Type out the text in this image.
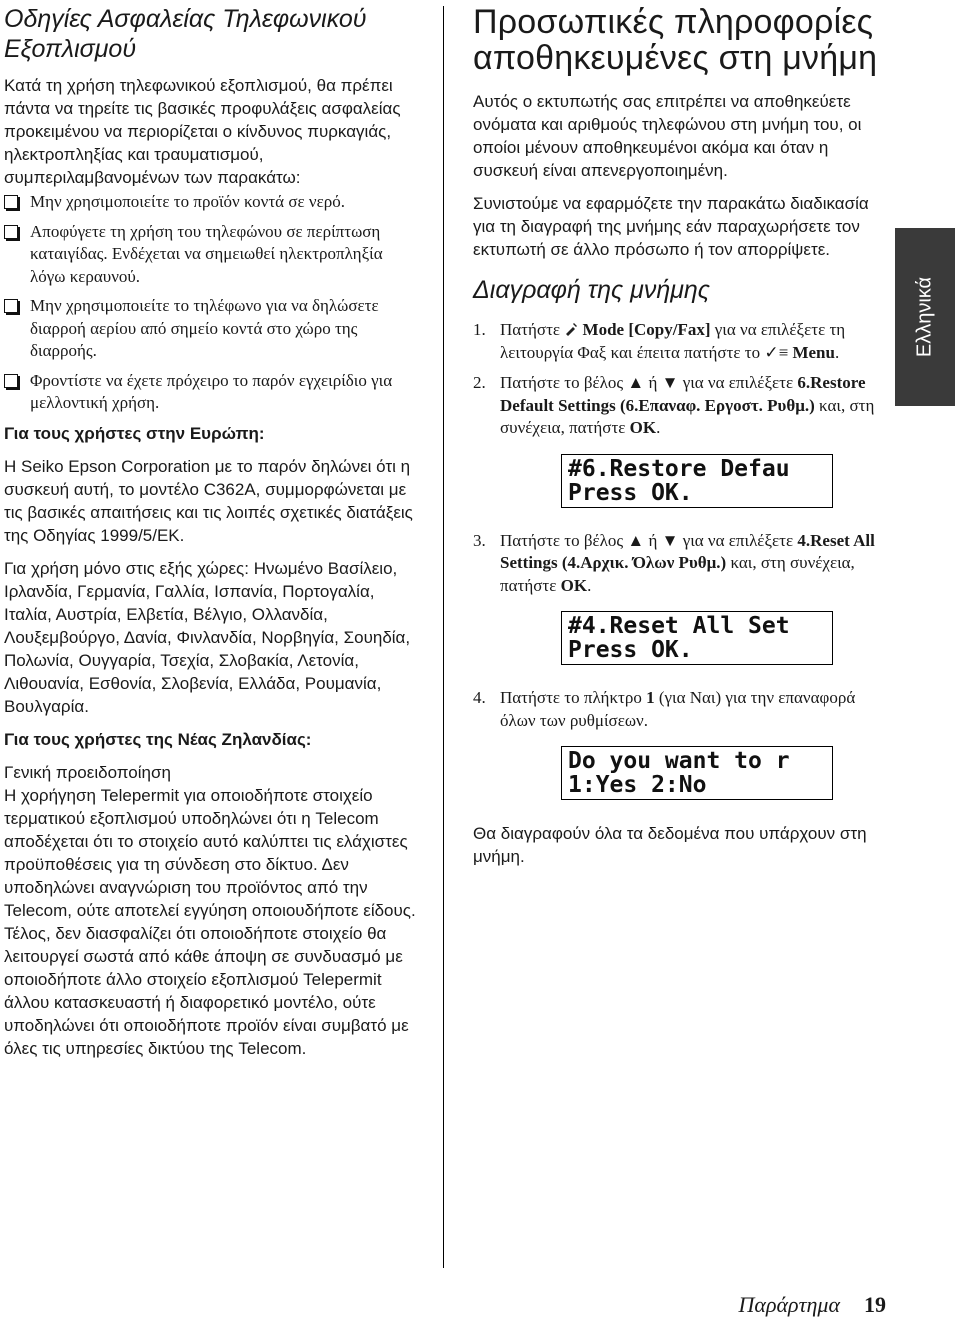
Οδηγίες Ασφαλείας Τηλεφωνικού Εξοπλισμού

Κατά τη χρήση τηλεφωνικού εξοπλισμού, θα πρέπει πάντα να τηρείτε τις βασικές προφυλάξεις ασφαλείας προκειμένου να περιορίζεται ο κίνδυνος πυρκαγιάς, ηλεκτροπληξίας και τραυματισμού, συμπεριλαμβανομένων των παρακάτω:

Μην χρησιμοποιείτε το προϊόν κοντά σε νερό.
Αποφύγετε τη χρήση του τηλεφώνου σε περίπτωση καταιγίδας. Ενδέχεται να σημειωθεί ηλεκτροπληξία λόγω κεραυνού.
Μην χρησιμοποιείτε το τηλέφωνο για να δηλώσετε διαρροή αερίου από σημείο κοντά στο χώρο της διαρροής.
Φροντίστε να έχετε πρόχειρο το παρόν εγχειρίδιο για μελλοντική χρήση.

Για τους χρήστες στην Ευρώπη:

Η Seiko Epson Corporation με το παρόν δηλώνει ότι η συσκευή αυτή, το μοντέλο C362A, συμμορφώνεται με τις βασικές απαιτήσεις και τις λοιπές σχετικές διατάξεις της Οδηγίας 1999/5/ΕΚ.

Για χρήση μόνο στις εξής χώρες: Ηνωμένο Βασίλειο, Ιρλανδία, Γερμανία, Γαλλία, Ισπανία, Πορτογαλία, Ιταλία, Αυστρία, Ελβετία, Βέλγιο, Ολλανδία, Λουξεμβούργο, Δανία, Φινλανδία, Νορβηγία, Σουηδία, Πολωνία, Ουγγαρία, Τσεχία, Σλοβακία, Λετονία, Λιθουανία, Εσθονία, Σλοβενία, Ελλάδα, Ρουμανία, Βουλγαρία.

Για τους χρήστες της Νέας Ζηλανδίας:

Γενική προειδοποίηση

Η χορήγηση Telepermit για οποιοδήποτε στοιχείο τερματικού εξοπλισμού υποδηλώνει ότι η Telecom αποδέχεται ότι το στοιχείο αυτό καλύπτει τις ελάχιστες προϋποθέσεις για τη σύνδεση στο δίκτυο. Δεν υποδηλώνει αναγνώριση του προϊόντος από την Telecom, ούτε αποτελεί εγγύηση οποιουδήποτε είδους. Τέλος, δεν διασφαλίζει ότι οποιοδήποτε στοιχείο θα λειτουργεί σωστά από κάθε άποψη σε συνδυασμό με οποιοδήποτε άλλο στοιχείο εξοπλισμού Telepermit άλλου κατασκευαστή ή διαφορετικό μοντέλο, ούτε υποδηλώνει ότι οποιοδήποτε προϊόν είναι συμβατό με όλες τις υπηρεσίες δικτύου της Telecom.

Προσωπικές πληροφορίες αποθηκευμένες στη μνήμη

Αυτός ο εκτυπωτής σας επιτρέπει να αποθηκεύετε ονόματα και αριθμούς τηλεφώνου στη μνήμη του, οι οποίοι μένουν αποθηκευμένοι ακόμα και όταν η συσκευή είναι απενεργοποιημένη.

Συνιστούμε να εφαρμόζετε την παρακάτω διαδικασία για τη διαγραφή της μνήμης εάν παραχωρήσετε τον εκτυπωτή σε άλλο πρόσωπο ή τον απορρίψετε.

Διαγραφή της μνήμης
1. Πατήστε Mode [Copy/Fax] για να επιλέξετε τη λειτουργία Φαξ και έπειτα πατήστε το ✓≡ Menu.
2. Πατήστε το βέλος ▲ ή ▼ για να επιλέξετε 6.Restore Default Settings (6.Επαναφ. Εργοστ. Ρυθμ.) και, στη συνέχεια, πατήστε OK.
#6.Restore Defau
Press OK.
3. Πατήστε το βέλος ▲ ή ▼ για να επιλέξετε 4.Reset All Settings (4.Αρχικ. Όλων Ρυθμ.) και, στη συνέχεια, πατήστε OK.
#4.Reset All Set
Press OK.
4. Πατήστε το πλήκτρο 1 (για Ναι) για την επαναφορά όλων των ρυθμίσεων.
Do you want to r
1:Yes 2:No

Θα διαγραφούν όλα τα δεδομένα που υπάρχουν στη μνήμη.

Ελληνικά
Παράρτημα 19
